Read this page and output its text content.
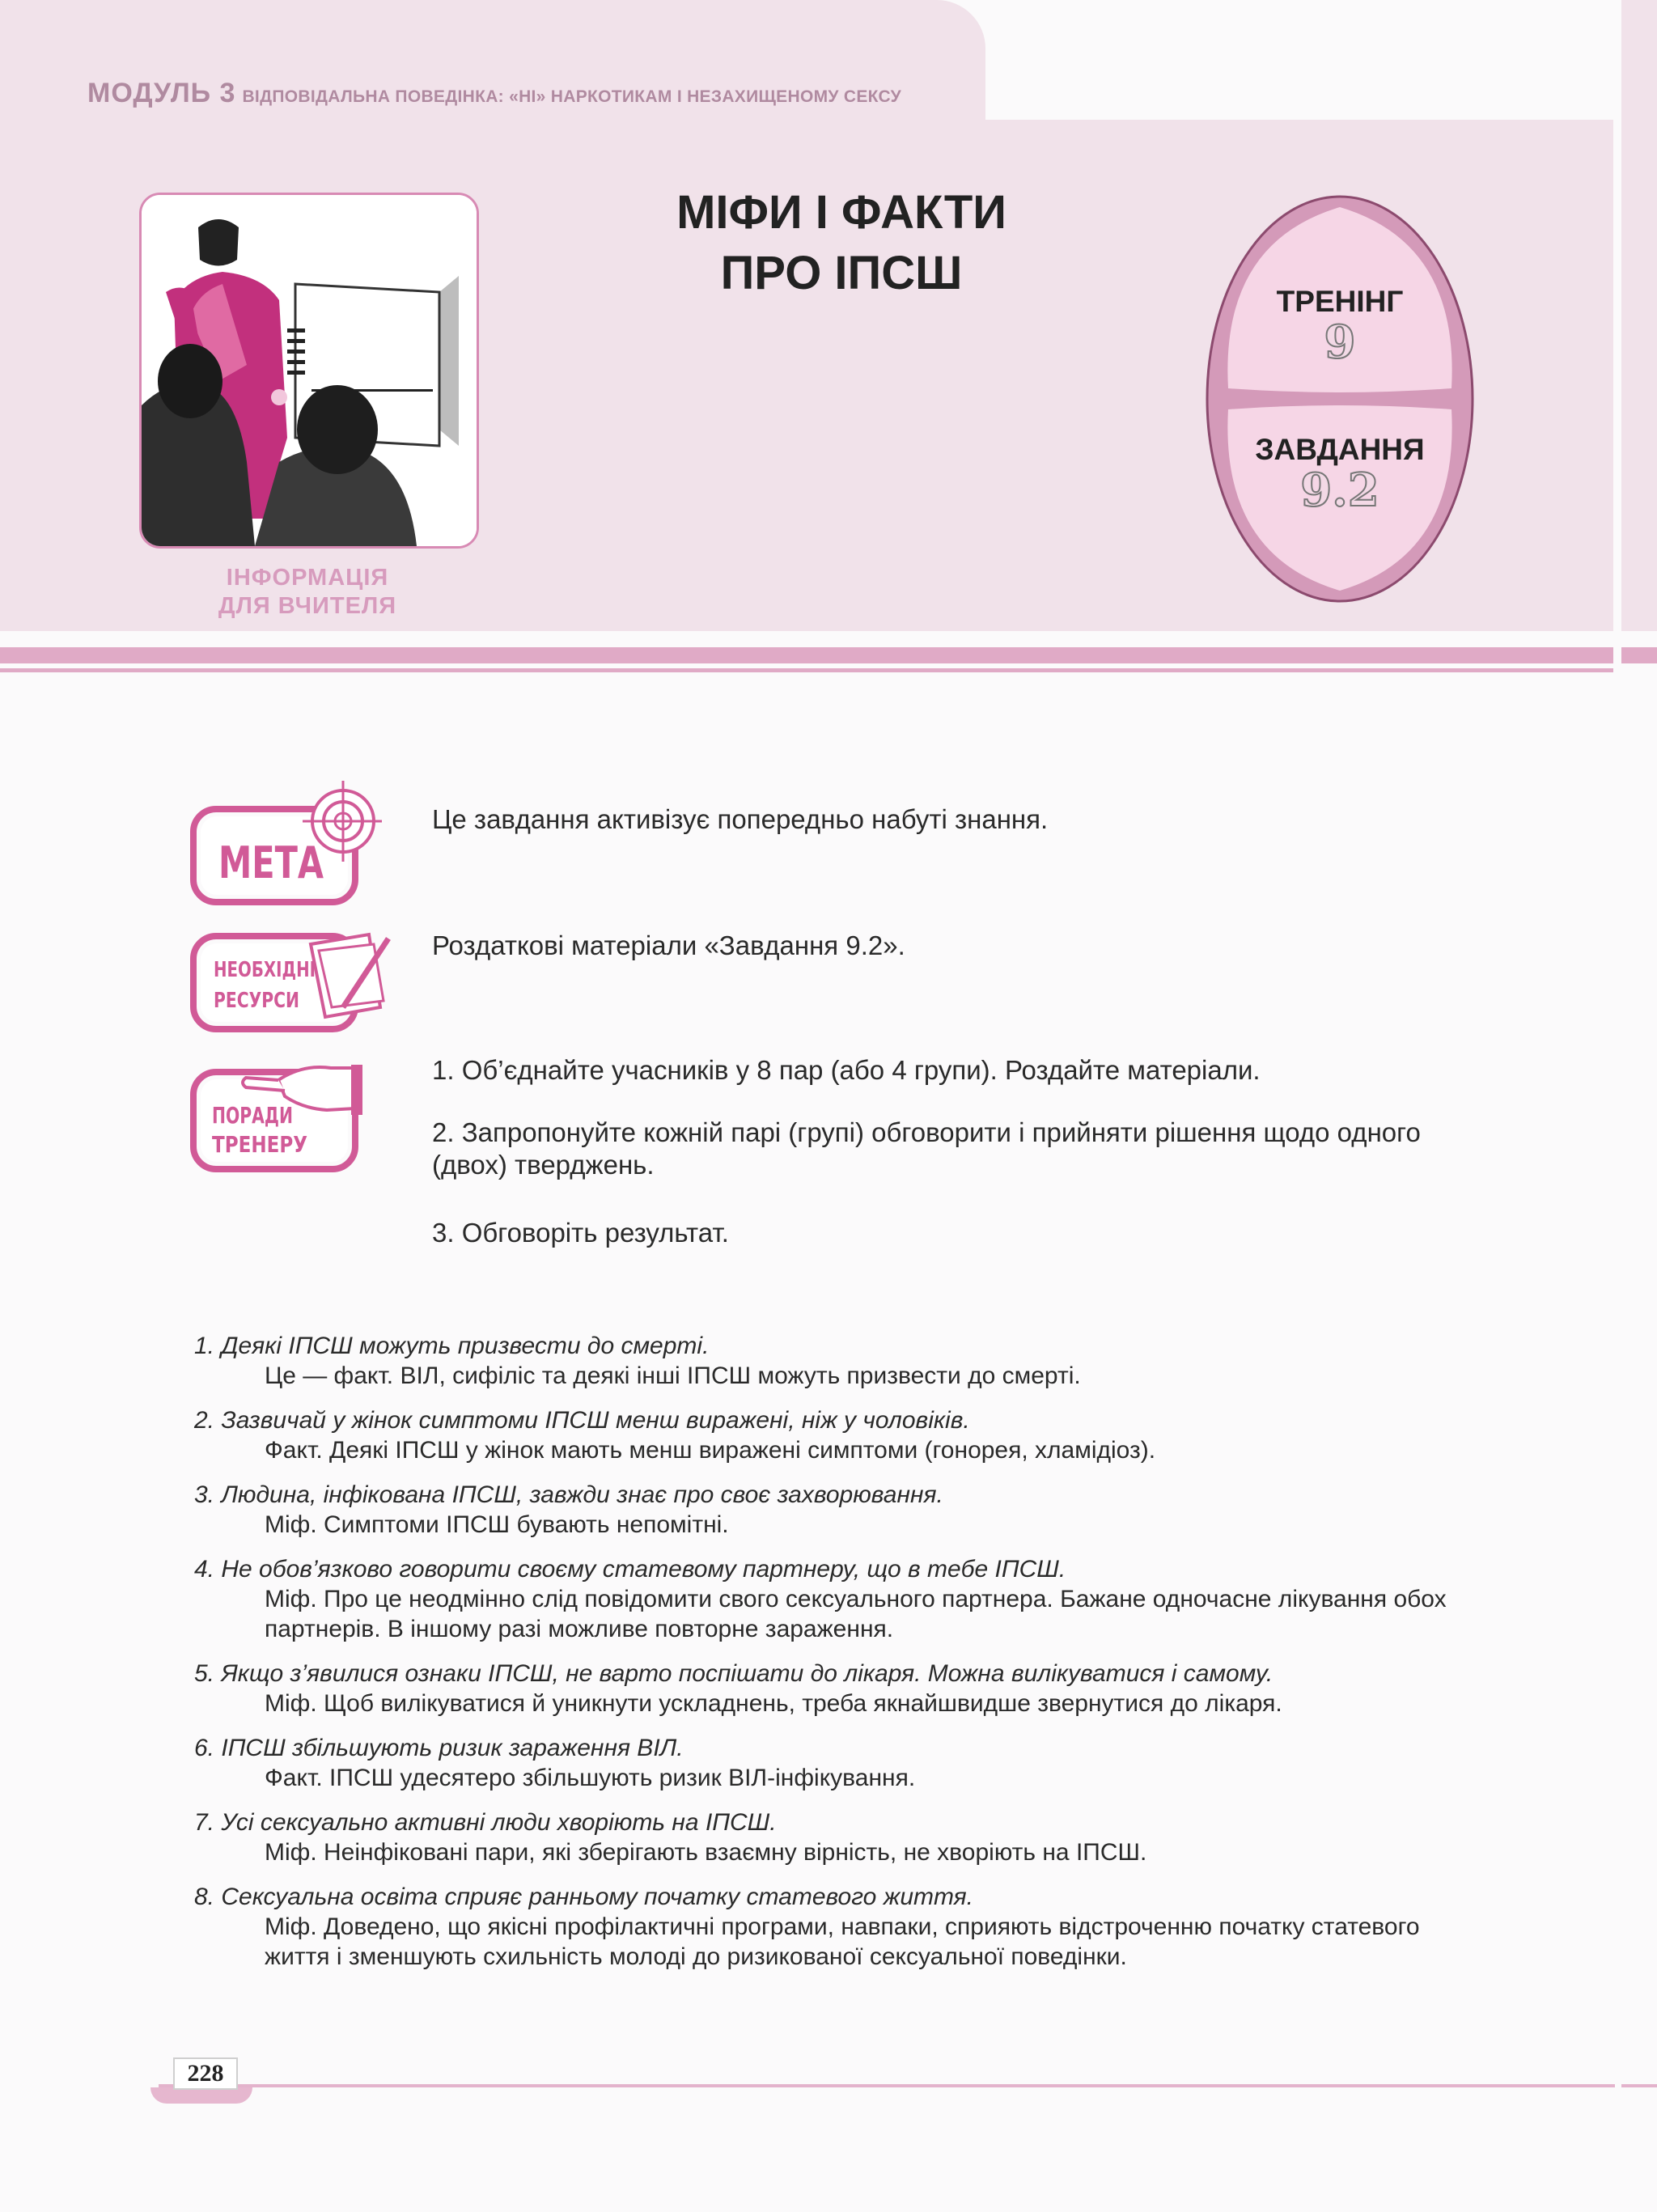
МОДУЛЬ 3 ВІДПОВІДАЛЬНА ПОВЕДІНКА: «НІ» НАРКОТИКАМ І НЕЗАХИЩЕНОМУ СЕКСУ
ІНФОРМАЦІЯ
ДЛЯ ВЧИТЕЛЯ
МІФИ І ФАКТИ
ПРО ІПСШ
ТРЕНІНГ
9
ЗАВДАННЯ
9.2
МЕТА
Це завдання активізує попередньо набуті знання.
НЕОБХІДНІ
РЕСУРСИ
Роздаткові матеріали «Завдання 9.2».
ПОРАДИ
ТРЕНЕРУ
1. Об’єднайте учасників у 8 пар (або 4 групи). Роздайте матеріали.
2. Запропонуйте кожній парі (групі) обговорити і прийняти рішення щодо одного (двох) тверджень.
3. Обговоріть результат.
1. Деякі ІПСШ можуть призвести до смерті.
Це — факт. ВІЛ, сифіліс та деякі інші ІПСШ можуть призвести до смерті.
2. Зазвичай у жінок симптоми ІПСШ менш виражені, ніж у чоловіків.
Факт. Деякі ІПСШ у жінок мають менш виражені симптоми (гонорея, хламідіоз).
3. Людина, інфікована ІПСШ, завжди знає про своє захворювання.
Міф. Симптоми ІПСШ бувають непомітні.
4. Не обов’язково говорити своєму статевому партнеру, що в тебе ІПСШ.
Міф. Про це неодмінно слід повідомити свого сексуального партнера. Бажане одночасне лікування обох партнерів. В іншому разі можливе повторне зараження.
5. Якщо з’явилися ознаки ІПСШ, не варто поспішати до лікаря. Можна вилікуватися і самому.
Міф. Щоб вилікуватися й уникнути ускладнень, треба якнайшвидше звернутися до лікаря.
6. ІПСШ збільшують ризик зараження ВІЛ.
Факт. ІПСШ удесятеро збільшують ризик ВІЛ-інфікування.
7. Усі сексуально активні люди хворіють на ІПСШ.
Міф. Неінфіковані пари, які зберігають взаємну вірність, не хворіють на ІПСШ.
8. Сексуальна освіта сприяє ранньому початку статевого життя.
Міф. Доведено, що якісні профілактичні програми, навпаки, сприяють відстроченню початку статевого життя і зменшують схильність молоді до ризикованої сексуальної поведінки.
228
